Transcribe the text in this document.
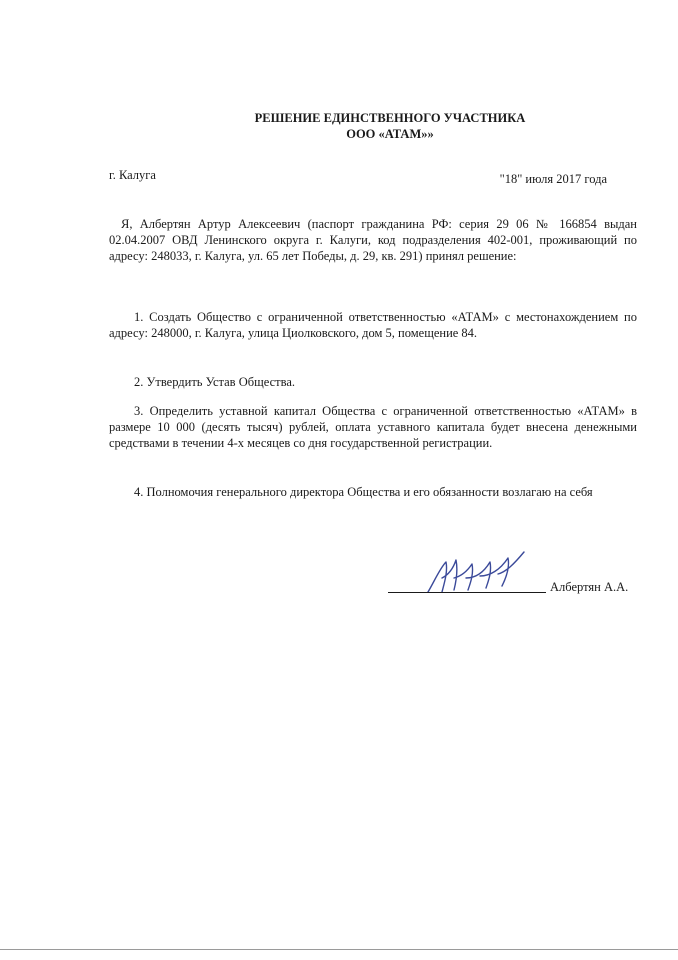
РЕШЕНИЕ ЕДИНСТВЕННОГО УЧАСТНИКА
ООО «АТАМ»»
г. Калуга	"18" июля 2017 года

Я, Албертян Артур Алексеевич (паспорт гражданина РФ: серия 29 06 № 166854 выдан 02.04.2007 ОВД Ленинского округа г. Калуги, код подразделения 402-001, проживающий по адресу: 248033, г. Калуга, ул. 65 лет Победы, д. 29, кв. 291) принял решение:

1. Создать Общество с ограниченной ответственностью «АТАМ» с местонахождением по адресу: 248000, г. Калуга, улица Циолковского, дом 5, помещение 84.

2. Утвердить Устав Общества.

3. Определить уставной капитал Общества с ограниченной ответственностью «АТАМ» в размере 10 000 (десять тысяч) рублей, оплата уставного капитала будет внесена денежными средствами в течении 4-х месяцев со дня государственной регистрации.

4. Полномочия генерального директора Общества и его обязанности возлагаю на себя

Албертян А.А.
